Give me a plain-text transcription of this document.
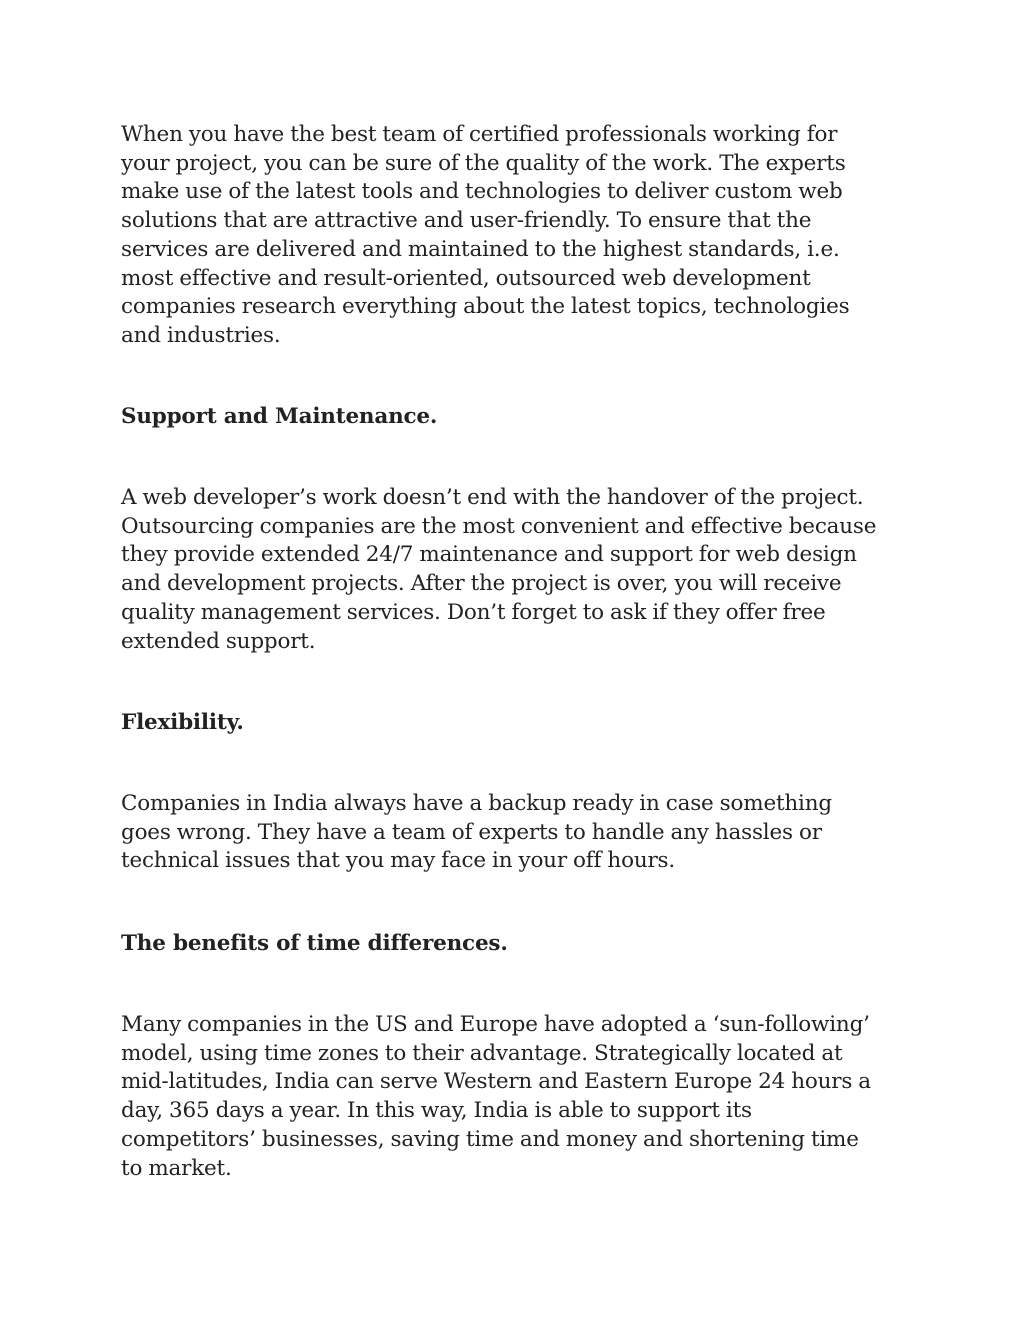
When you have the best team of certified professionals working for
your project, you can be sure of the quality of the work. The experts
make use of the latest tools and technologies to deliver custom web
solutions that are attractive and user-friendly. To ensure that the
services are delivered and maintained to the highest standards, i.e.
most effective and result-oriented, outsourced web development
companies research everything about the latest topics, technologies
and industries.

Support and Maintenance.

A web developer’s work doesn’t end with the handover of the project.
Outsourcing companies are the most convenient and effective because
they provide extended 24/7 maintenance and support for web design
and development projects. After the project is over, you will receive
quality management services. Don’t forget to ask if they offer free
extended support.

Flexibility.

Companies in India always have a backup ready in case something
goes wrong. They have a team of experts to handle any hassles or
technical issues that you may face in your off hours.

The benefits of time differences.

Many companies in the US and Europe have adopted a ‘sun-following’
model, using time zones to their advantage. Strategically located at
mid-latitudes, India can serve Western and Eastern Europe 24 hours a
day, 365 days a year. In this way, India is able to support its
competitors’ businesses, saving time and money and shortening time
to market.
